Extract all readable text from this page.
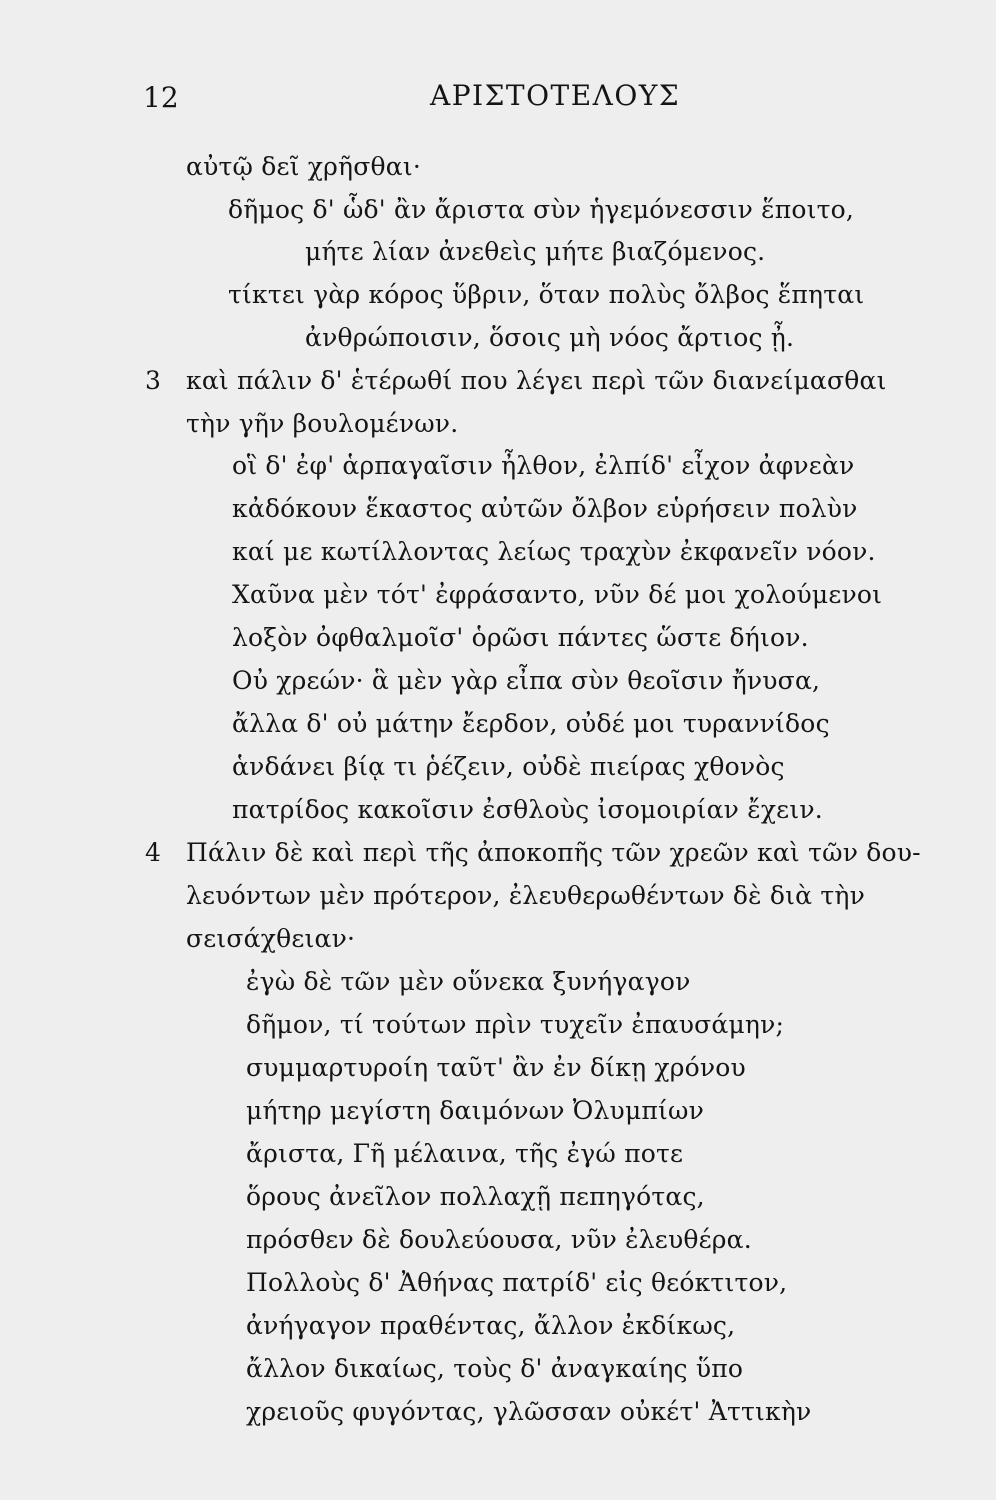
12	ΑΡΙΣΤΟΤΕΛΟΥΣ
αὐτῷ δεῖ χρῆσθαι·
δῆμος δ' ὧδ' ἂν ἄριστα σὺν ἡγεμόνεσσιν ἕποιτο,
μήτε λίαν ἀνεθεὶς μήτε βιαζόμενος.
τίκτει γὰρ κόρος ὕβριν, ὅταν πολὺς ὄλβος ἕπηται
ἀνθρώποισιν, ὅσοις μὴ νόος ἄρτιος ᾖ.
3 καὶ πάλιν δ' ἑτέρωθί που λέγει περὶ τῶν διανείμασθαι
τὴν γῆν βουλομένων.
οἳ δ' ἐφ' ἁρπαγαῖσιν ἦλθον, ἐλπίδ' εἶχον ἀφνεὰν
κἀδόκουν ἕκαστος αὐτῶν ὄλβον εὑρήσειν πολὺν
καί με κωτίλλοντας λείως τραχὺν ἐκφανεῖν νόον.
Χαῦνα μὲν τότ' ἐφράσαντο, νῦν δέ μοι χολούμενοι
λοξὸν ὀφθαλμοῖσ' ὁρῶσι πάντες ὥστε δήιον.
Οὐ χρεών· ἃ μὲν γὰρ εἶπα σὺν θεοῖσιν ἤνυσα,
ἄλλα δ' οὐ μάτην ἔερδον, οὐδέ μοι τυραννίδος
ἁνδάνει βίᾳ τι ῥέζειν, οὐδὲ πιείρας χθονὸς
πατρίδος κακοῖσιν ἐσθλοὺς ἰσομοιρίαν ἔχειν.
4 Πάλιν δὲ καὶ περὶ τῆς ἀποκοπῆς τῶν χρεῶν καὶ τῶν δου-
λευόντων μὲν πρότερον, ἐλευθερωθέντων δὲ διὰ τὴν
σεισάχθειαν·
ἐγὼ δὲ τῶν μὲν οὕνεκα ξυνήγαγον
δῆμον, τί τούτων πρὶν τυχεῖν ἐπαυσάμην;
συμμαρτυροίη ταῦτ' ἂν ἐν δίκῃ χρόνου
μήτηρ μεγίστη δαιμόνων Ὀλυμπίων
ἄριστα, Γῆ μέλαινα, τῆς ἐγώ ποτε
ὅρους ἀνεῖλον πολλαχῇ πεπηγότας,
πρόσθεν δὲ δουλεύουσα, νῦν ἐλευθέρα.
Πολλοὺς δ' Ἀθήνας πατρίδ' εἰς θεόκτιτον,
ἀνήγαγον πραθέντας, ἄλλον ἐκδίκως,
ἄλλον δικαίως, τοὺς δ' ἀναγκαίης ὕπο
χρειοῦς φυγόντας, γλῶσσαν οὐκέτ' Ἀττικὴν
